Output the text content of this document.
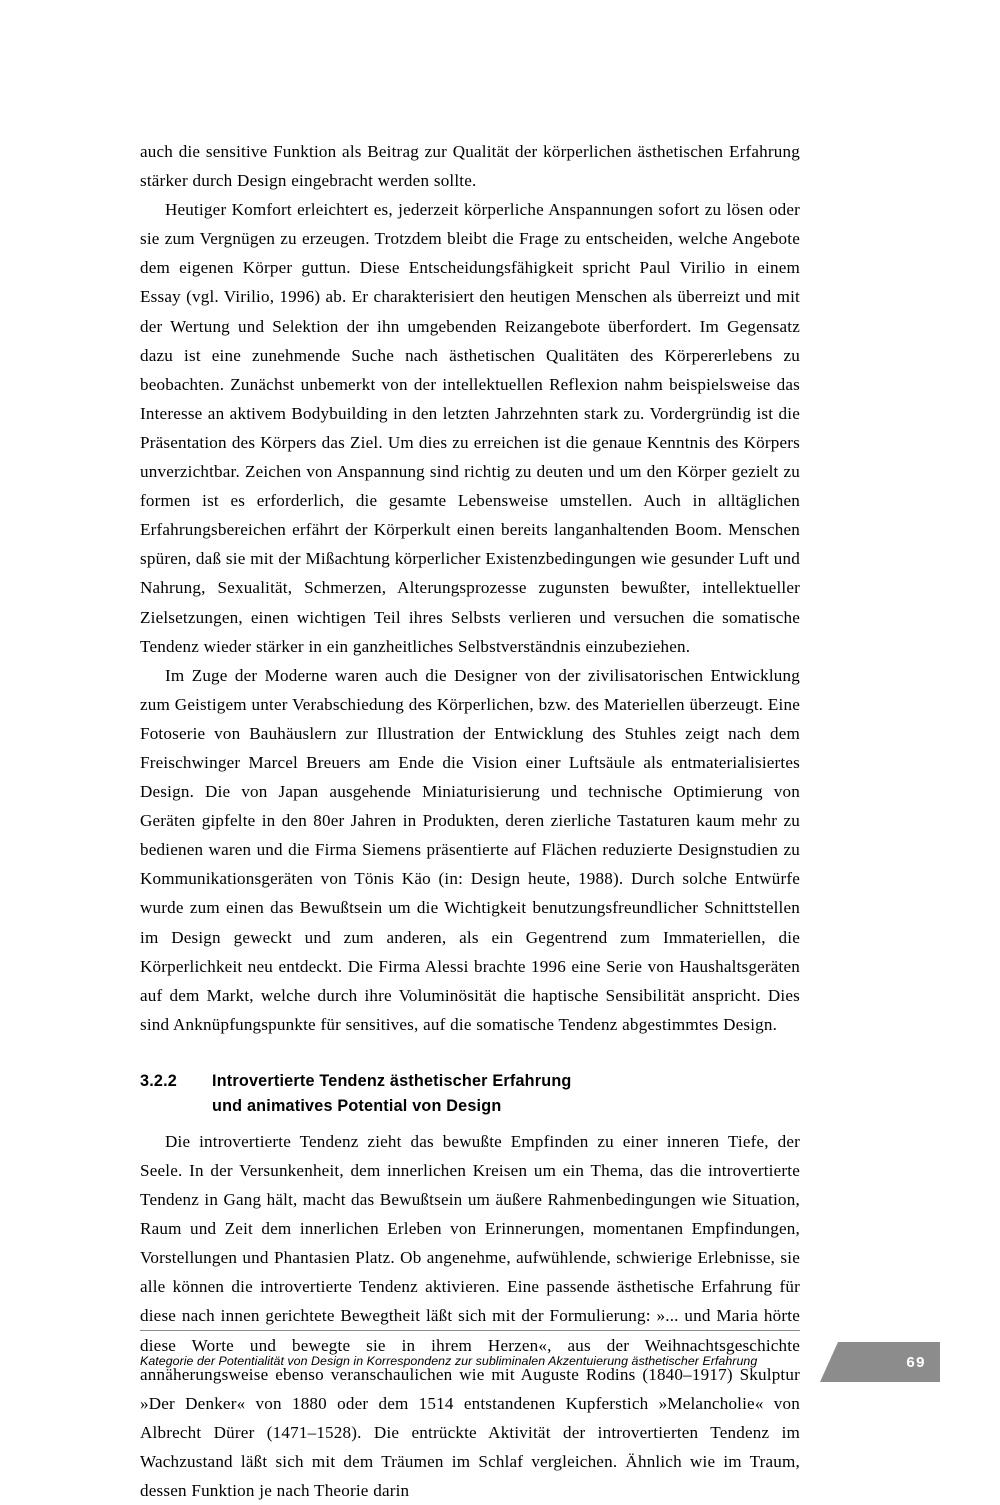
auch die sensitive Funktion als Beitrag zur Qualität der körperlichen ästhetischen Erfahrung stärker durch Design eingebracht werden sollte.

Heutiger Komfort erleichtert es, jederzeit körperliche Anspannungen sofort zu lösen oder sie zum Vergnügen zu erzeugen. Trotzdem bleibt die Frage zu entscheiden, welche Angebote dem eigenen Körper guttun. Diese Entscheidungsfähigkeit spricht Paul Virilio in einem Essay (vgl. Virilio, 1996) ab. Er charakterisiert den heutigen Menschen als überreizt und mit der Wertung und Selektion der ihn umgebenden Reizangebote überfordert. Im Gegensatz dazu ist eine zunehmende Suche nach ästhetischen Qualitäten des Körpererlebens zu beobachten. Zunächst unbemerkt von der intellektuellen Reflexion nahm beispielsweise das Interesse an aktivem Bodybuilding in den letzten Jahrzehnten stark zu. Vordergründig ist die Präsentation des Körpers das Ziel. Um dies zu erreichen ist die genaue Kenntnis des Körpers unverzichtbar. Zeichen von Anspannung sind richtig zu deuten und um den Körper gezielt zu formen ist es erforderlich, die gesamte Lebensweise umstellen. Auch in alltäglichen Erfahrungsbereichen erfährt der Körperkult einen bereits langanhaltenden Boom. Menschen spüren, daß sie mit der Mißachtung körperlicher Existenzbedingungen wie gesunder Luft und Nahrung, Sexualität, Schmerzen, Alterungsprozesse zugunsten bewußter, intellektueller Zielsetzungen, einen wichtigen Teil ihres Selbsts verlieren und versuchen die somatische Tendenz wieder stärker in ein ganzheitliches Selbstverständnis einzubeziehen.

Im Zuge der Moderne waren auch die Designer von der zivilisatorischen Entwicklung zum Geistigem unter Verabschiedung des Körperlichen, bzw. des Materiellen überzeugt. Eine Fotoserie von Bauhäuslern zur Illustration der Entwicklung des Stuhles zeigt nach dem Freischwinger Marcel Breuers am Ende die Vision einer Luftsäule als entmaterialisiertes Design. Die von Japan ausgehende Miniaturisierung und technische Optimierung von Geräten gipfelte in den 80er Jahren in Produkten, deren zierliche Tastaturen kaum mehr zu bedienen waren und die Firma Siemens präsentierte auf Flächen reduzierte Designstudien zu Kommunikationsgeräten von Tönis Käo (in: Design heute, 1988). Durch solche Entwürfe wurde zum einen das Bewußtsein um die Wichtigkeit benutzungsfreundlicher Schnittstellen im Design geweckt und zum anderen, als ein Gegentrend zum Immateriellen, die Körperlichkeit neu entdeckt. Die Firma Alessi brachte 1996 eine Serie von Haushaltsgeräten auf dem Markt, welche durch ihre Voluminösität die haptische Sensibilität anspricht. Dies sind Anknüpfungspunkte für sensitives, auf die somatische Tendenz abgestimmtes Design.

3.2.2	Introvertierte Tendenz ästhetischer Erfahrung
und animatives Potential von Design

Die introvertierte Tendenz zieht das bewußte Empfinden zu einer inneren Tiefe, der Seele. In der Versunkenheit, dem innerlichen Kreisen um ein Thema, das die introvertierte Tendenz in Gang hält, macht das Bewußtsein um äußere Rahmenbedingungen wie Situation, Raum und Zeit dem innerlichen Erleben von Erinnerungen, momentanen Empfindungen, Vorstellungen und Phantasien Platz. Ob angenehme, aufwühlende, schwierige Erlebnisse, sie alle können die introvertierte Tendenz aktivieren. Eine passende ästhetische Erfahrung für diese nach innen gerichtete Bewegtheit läßt sich mit der Formulierung: »... und Maria hörte diese Worte und bewegte sie in ihrem Herzen«, aus der Weihnachtsgeschichte annäherungsweise ebenso veranschaulichen wie mit Auguste Rodins (1840–1917) Skulptur »Der Denker« von 1880 oder dem 1514 entstandenen Kupferstich »Melancholie« von Albrecht Dürer (1471–1528). Die entrückte Aktivität der introvertierten Tendenz im Wachzustand läßt sich mit dem Träumen im Schlaf vergleichen. Ähnlich wie im Traum, dessen Funktion je nach Theorie darin

Kategorie der Potentialität von Design in Korrespondenz zur subliminalen Akzentuierung ästhetischer Erfahrung	69
